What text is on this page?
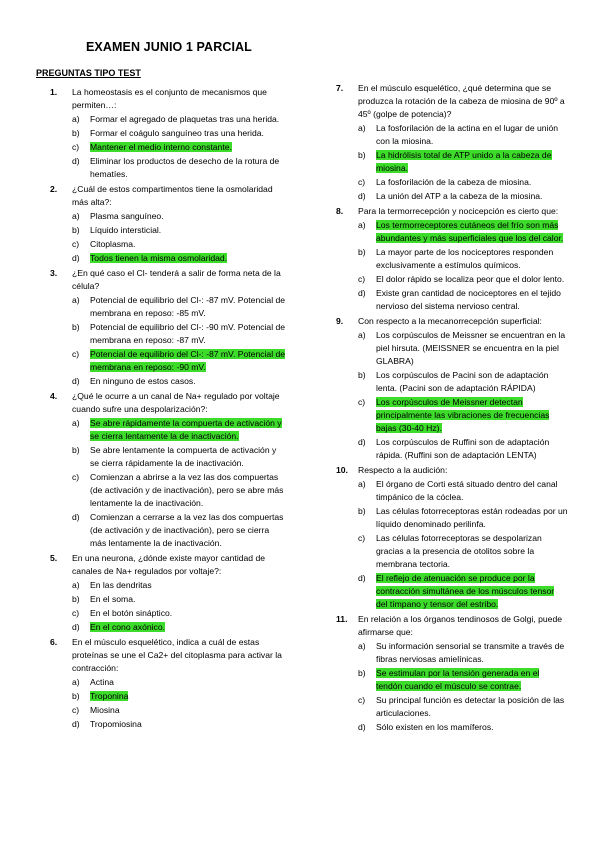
EXAMEN JUNIO 1 PARCIAL
PREGUNTAS TIPO TEST
1. La homeostasis es el conjunto de mecanismos que permiten…:
a) Formar el agregado de plaquetas tras una herida.
b) Formar el coágulo sanguíneo tras una herida.
c) Mantener el medio interno constante.
d) Eliminar los productos de desecho de la rotura de hematíes.
2. ¿Cuál de estos compartimentos tiene la osmolaridad más alta?:
a) Plasma sanguíneo.
b) Líquido intersticial.
c) Citoplasma.
d) Todos tienen la misma osmolaridad.
3. ¿En qué caso el Cl- tenderá a salir de forma neta de la célula?
a) Potencial de equilibrio del Cl-: -87 mV. Potencial de membrana en reposo: -85 mV.
b) Potencial de equilibrio del Cl-: -90 mV. Potencial de membrana en reposo: -87 mV.
c) Potencial de equilibrio del Cl-: -87 mV. Potencial de membrana en reposo: -90 mV.
d) En ninguno de estos casos.
4. ¿Qué le ocurre a un canal de Na+ regulado por voltaje cuando sufre una despolarización?:
a) Se abre rápidamente la compuerta de activación y se cierra lentamente la de inactivación.
b) Se abre lentamente la compuerta de activación y se cierra rápidamente la de inactivación.
c) Comienzan a abrirse a la vez las dos compuertas (de activación y de inactivación), pero se abre más lentamente la de inactivación.
d) Comienzan a cerrarse a la vez las dos compuertas (de activación y de inactivación), pero se cierra más lentamente la de inactivación.
5. En una neurona, ¿dónde existe mayor cantidad de canales de Na+ regulados por voltaje?:
a) En las dendritas
b) En el soma.
c) En el botón sináptico.
d) En el cono axónico.
6. En el músculo esquelético, indica a cuál de estas proteínas se une el Ca2+ del citoplasma para activar la contracción:
a) Actina
b) Troponina
c) Miosina
d) Tropomiosina
7. En el músculo esquelético, ¿qué determina que se produzca la rotación de la cabeza de miosina de 90º a 45º (golpe de potencia)?
a) La fosforilación de la actina en el lugar de unión con la miosina.
b) La hidrólisis total de ATP unido a la cabeza de miosina.
c) La fosforilación de la cabeza de miosina.
d) La unión del ATP a la cabeza de la miosina.
8. Para la termorrecepción y nocicepción es cierto que:
a) Los termorreceptores cutáneos del frío son más abundantes y más superficiales que los del calor.
b) La mayor parte de los nociceptores responden exclusivamente a estímulos químicos.
c) El dolor rápido se localiza peor que el dolor lento.
d) Existe gran cantidad de nociceptores en el tejido nervioso del sistema nervioso central.
9. Con respecto a la mecanorrecepción superficial:
a) Los corpúsculos de Meissner se encuentran en la piel hirsuta. (MEISSNER se encuentra en la piel GLABRA)
b) Los corpúsculos de Pacini son de adaptación lenta. (Pacini son de adaptación RÁPIDA)
c) Los corpúsculos de Meissner detectan principalmente las vibraciones de frecuencias bajas (30-40 Hz).
d) Los corpúsculos de Ruffini son de adaptación rápida. (Ruffini son de adaptación LENTA)
10. Respecto a la audición:
a) El órgano de Corti está situado dentro del canal timpánico de la cóclea.
b) Las células fotorreceptoras están rodeadas por un líquido denominado perilinfa.
c) Las células fotorreceptoras se despolarizan gracias a la presencia de otolitos sobre la membrana tectoria.
d) El reflejo de atenuación se produce por la contracción simultánea de los músculos tensor del tímpano y tensor del estribo.
11. En relación a los órganos tendinosos de Golgi, puede afirmarse que:
a) Su información sensorial se transmite a través de fibras nerviosas amielínicas.
b) Se estimulan por la tensión generada en el tendón cuando el músculo se contrae.
c) Su principal función es detectar la posición de las articulaciones.
d) Sólo existen en los mamíferos.
